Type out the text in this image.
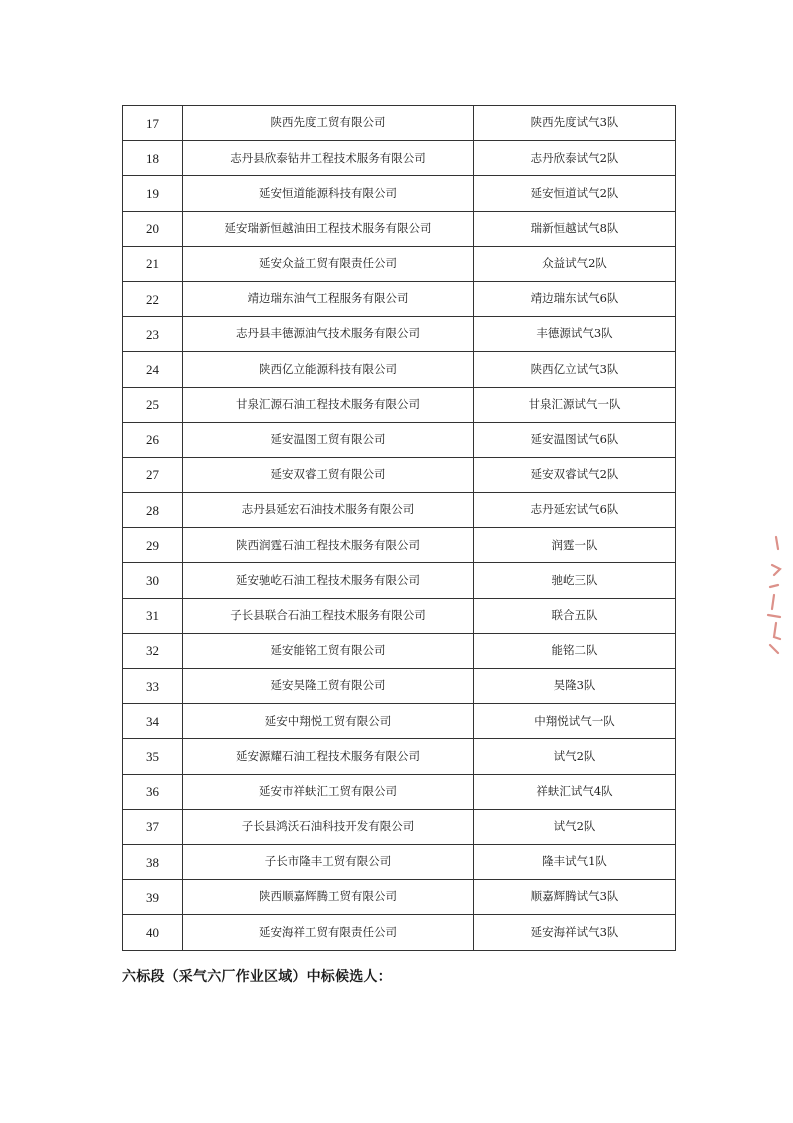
17	陕西先度工贸有限公司	陕西先度试气3队
18	志丹县欣泰钻井工程技术服务有限公司	志丹欣泰试气2队
19	延安恒道能源科技有限公司	延安恒道试气2队
20	延安瑞新恒越油田工程技术服务有限公司	瑞新恒越试气8队
21	延安众益工贸有限责任公司	众益试气2队
22	靖边瑞东油气工程服务有限公司	靖边瑞东试气6队
23	志丹县丰德源油气技术服务有限公司	丰德源试气3队
24	陕西亿立能源科技有限公司	陕西亿立试气3队
25	甘泉汇源石油工程技术服务有限公司	甘泉汇源试气一队
26	延安温图工贸有限公司	延安温图试气6队
27	延安双睿工贸有限公司	延安双睿试气2队
28	志丹县延宏石油技术服务有限公司	志丹延宏试气6队
29	陕西润霆石油工程技术服务有限公司	润霆一队
30	延安驰屹石油工程技术服务有限公司	驰屹三队
31	子长县联合石油工程技术服务有限公司	联合五队
32	延安能铭工贸有限公司	能铭二队
33	延安昊隆工贸有限公司	昊隆3队
34	延安中翔悦工贸有限公司	中翔悦试气一队
35	延安源耀石油工程技术服务有限公司	试气2队
36	延安市祥蚨汇工贸有限公司	祥蚨汇试气4队
37	子长县鸿沃石油科技开发有限公司	试气2队
38	子长市隆丰工贸有限公司	隆丰试气1队
39	陕西顺嘉辉腾工贸有限公司	顺嘉辉腾试气3队
40	延安海祥工贸有限责任公司	延安海祥试气3队
六标段（采气六厂作业区域）中标候选人：
